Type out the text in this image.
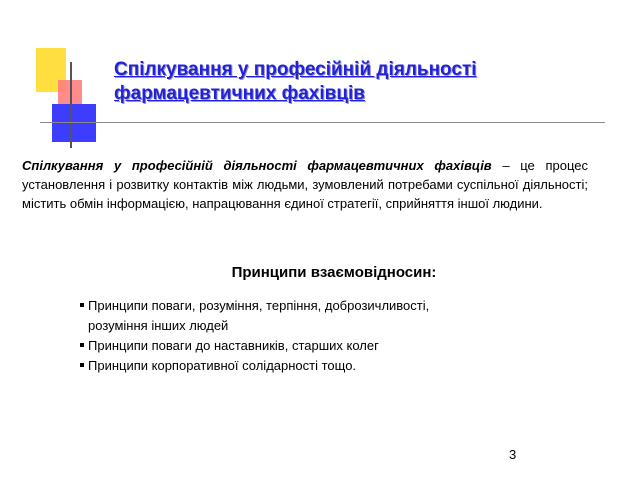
Спілкування у професійній діяльності
фармацевтичних фахівців

Спілкування у професійній діяльності фармацевтичних фахівців – це процес установлення і розвитку контактів між людьми, зумовлений потребами суспільної діяльності; містить обмін інформацією, напрацювання єдиної стратегії, сприйняття іншої людини.

Принципи взаємовідносин:
Принципи поваги, розуміння, терпіння, доброзичливості,
розуміння інших людей
Принципи поваги до наставників, старших колег
Принципи корпоративної солідарності тощо.

3
